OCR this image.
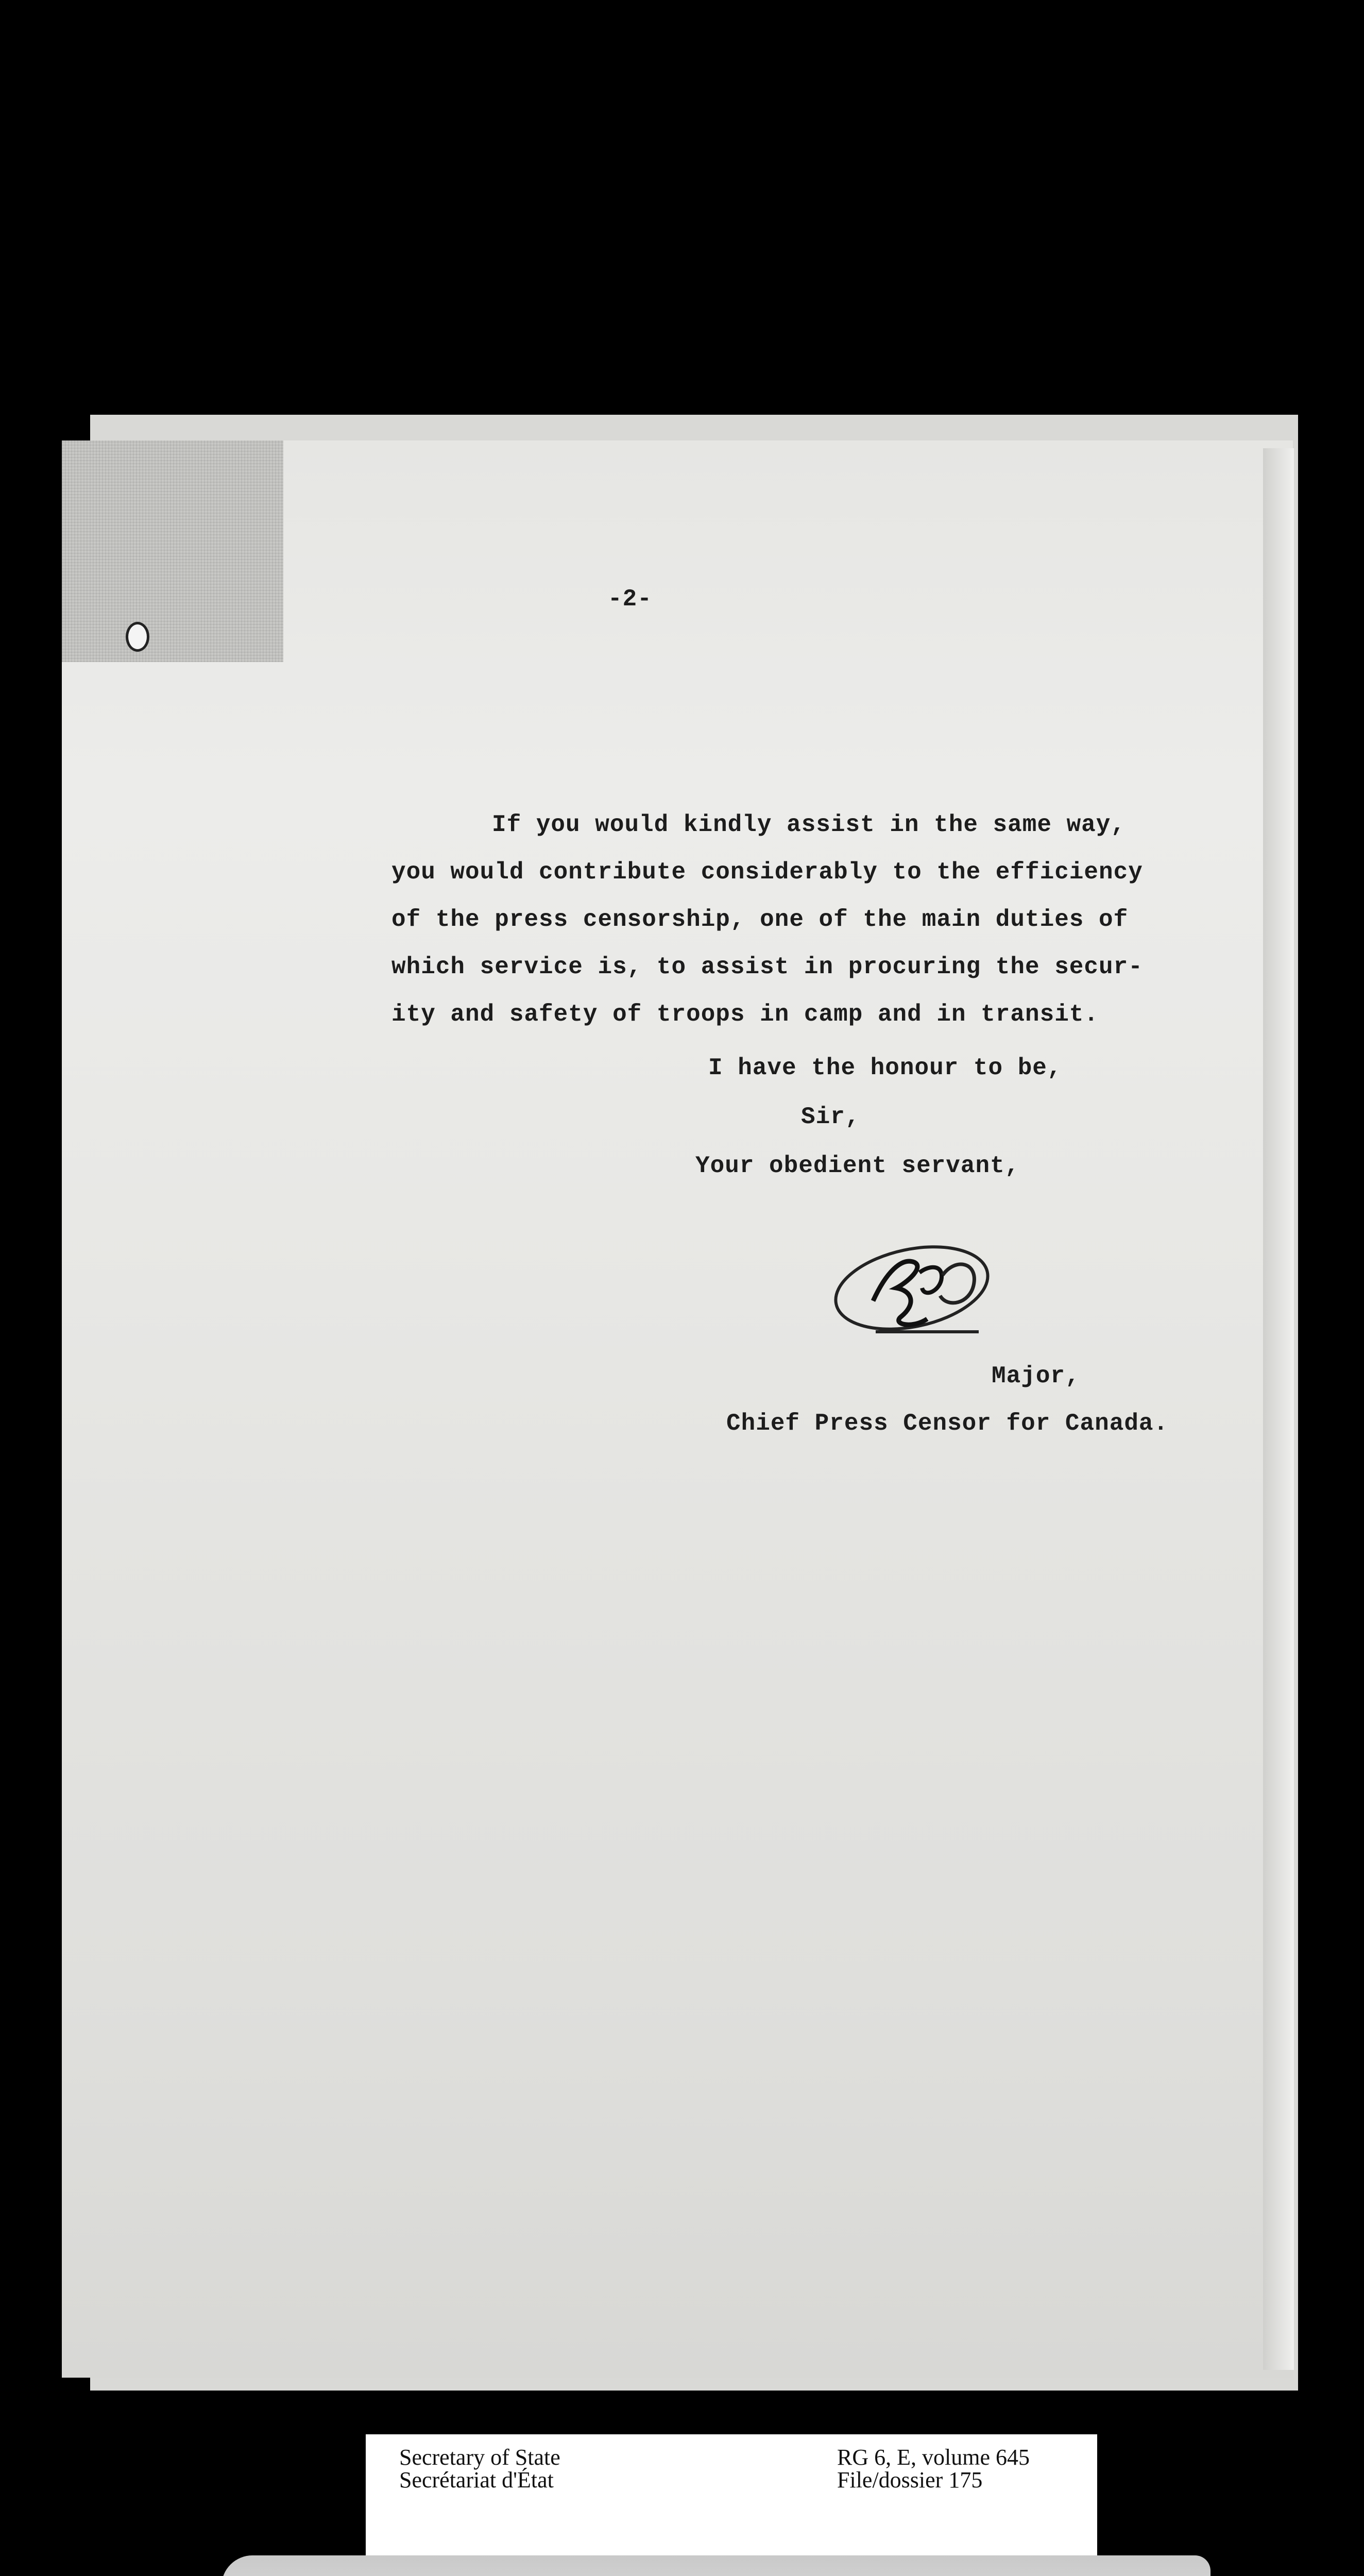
-2-

If you would kindly assist in the same way,

you would contribute considerably to the efficiency

of the press censorship, one of the main duties of

which service is, to assist in procuring the secur-

ity and safety of troops in camp and in transit.

I have the honour to be,

Sir,

Your obedient servant,

Major,

Chief Press Censor for Canada.

Secretary of State

Secrétariat d'État

RG 6, E, volume 645

File/dossier 175
